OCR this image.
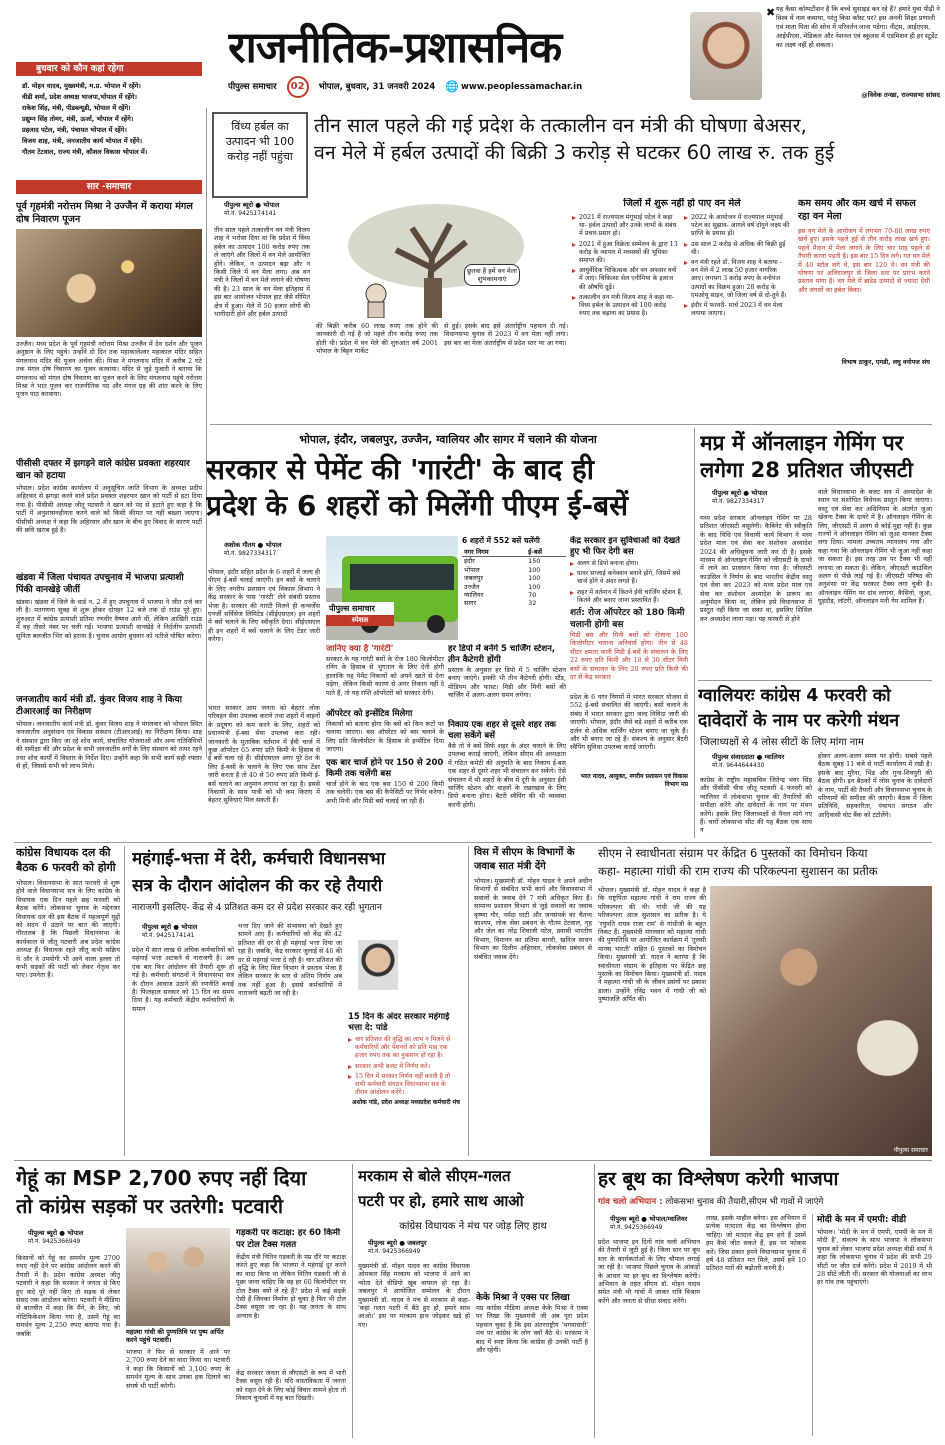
राजनीतिक-प्रशासनिक
पीपुल्स समाचार	02	भोपाल, बुधवार, 31 जनवरी 2024 🌐 www.peoplessamachar.in
✖ यह कैसा कॉम्पटीशन है कि बच्चे सुसाइड कर रहे हैं? हमारे युवा पीढ़ी ने विश्व में नाम कमाया, परंतु किस कॉस्ट पर? इस अननी शिक्षा प्रणाली एवं माता पिता की सोच में परिवर्तन लाना पड़ेगा। नीट्स, आईएएस, आईपीएस, मेडिकल और नेशनल एवं स्कूलस में एडमिशन ही हर स्टूडेंट का लक्ष्य नहीं हो सकता।
@विवेक तन्खा, राज्यसभा सांसद
बुधवार को कौन कहां रहेगा
डॉ. मोहन यादव, मुख्यमंत्री, म.प्र. भोपाल में रहेंगे।
वीडी शर्मा, प्रदेश अध्यक्ष भाजपा,भोपाल में रहेंगे।
राकेश सिंह, मंत्री, पीडब्ल्यूडी, भोपाल में रहेंगे।
प्रद्युम्न सिंह तोमर, मंत्री, ऊर्जा, भोपाल में रहेंगे।
प्रहलाद पटेल, मंत्री, पंचायत भोपाल में रहेंगे।
विजय शाह, मंत्री, जनजातीय कार्य भोपाल में रहेंगे।
गौतम टेटवाल, राज्य मंत्री, कौशल विकास भोपाल में।
सार -समाचार
पूर्व गृहमंत्री नरोत्तम मिश्रा ने उज्जैन में कराया मंगल दोष निवारण पूजन
उज्जैन। मध्य प्रदेश के पूर्व गृहमंत्री नरोत्तम मिश्रा उज्जैन में देव दर्शन और पूजन अनुष्ठान के लिए पहुंचे। उन्होंने दो दिन तक महाकालेश्वर महाकाल मंदिर सहित मंगलनाथ मंदिर की पूजन अर्चना की। मिश्रा ने मंगलनाथ मंदिर में करीब 2 घंटे तक मंगल दोष निवारण का पूजन करवाया। मंदिर से जुड़े पुजारी ने बताया कि मंगलनाथ को मंगल दोष निवारण का पूजन करने के लिए मंगलनाथ पहुंचे नरोत्तम मिश्रा ने भात पूजन कर राजनीतिक पद और मंगल ग्रह की शांत करने के लिए पूजन पाठ करवाया।
पीसीसी दफ्तर में झगड़ने वाले कांग्रेस प्रवक्ता शहरयार खान को हटाया
भोपाल। प्रदेश कांग्रेस कार्यालय में अनुसूचित जाति विभाग के अध्यक्ष प्रदीप अहिरवार से झगड़ा करने वाले प्रदेश प्रवक्ता शहरयार खान को पार्टी से हटा दिया गया है। पीसीसी अध्यक्ष जीतू पटवारी ने खान को पद से हटाते हुए कहा है कि पार्टी में अनुशासनहीनता करने वाले को किसी कीमत पर नहीं बख्शा जाएगा। पीसीसी अध्यक्ष ने कहा कि अहिरवार और खान के बीच हुए विवाद के कारण पार्टी की छवि खराब हुई है।
खंडवा में जिला पंचायत उपचुनाव में भाजपा प्रत्याशी पिंकी वानखेड़े जीतीं
खंडवा। खंडवा में जिले के वार्ड न. 2 में हुए उपचुनाव में भाजपा ने जीत दर्ज कर ली है। मतगणना सुबह से शुरू होकर दोपहर 12 बजे तक दो राउंड पूरे हुए। शुरुआत में कांग्रेस प्रत्याशी प्रतिमा रणधीर वैष्णव आगे थीं, लेकिन आखिरी राउंड में वह तीसरे नंबर पर चली गईं। भाजपा प्रत्याशी वानखेड़े ने निर्दलीय प्रत्याशी सुनिता बलजीत भिंग को हराया है। चुनाव आयोग बुधवार को नतीजे घोषित करेगा।
जनजातीय कार्य मंत्री डॉ. कुंवर विजय शाह ने किया टीआरआई का निरीक्षण
भोपाल। जनजातीय कार्य मंत्री डॉ. कुंवर विजय शाह ने मंगलवार को भोपाल स्थित जनजातीय अनुसंधान एवं विकास संस्थान (टीआरआई) का निरीक्षण किया। शाह ने संस्थान द्वारा किए जा रहे शोध कार्य, संचालित योजनाओं और अन्य गतिविधियों की समीक्षा की और प्रदेश के सभी जनजातीय वर्गों के लिए संस्थान को तत्पर रहने तथा शोध कार्यों में विस्तार के निर्देश दिए। उन्होंने कहा कि सभी कार्य सही रफ्तार से हों, जिससे सभी को लाभ मिले।
विंध्य हर्बल का उत्पादन भी 100 करोड़ नहीं पहुंचा
तीन साल पहले की गई प्रदेश के तत्कालीन वन मंत्री की घोषणा बेअसर,
वन मेले में हर्बल उत्पादों की बिक्री 3 करोड़ से घटकर 60 लाख रु. तक हुई
पीपुल्स ब्यूरो ● भोपाल
मो.नं. 9425174141
तीन साल पहले तत्कालीन वन मंत्री विजय शाह ने भरोसा दिया था कि प्रदेश में विंध्य हर्बल का उत्पादन 100 करोड़ रुपए तक ले जाएंगे और जिलों में वन मेले आयोजित होंगे। लेकिन, न उत्पादन बढ़ा और न किसी जिले में वन मेला लगा। अब वन मंत्री ने जिलों में वन मेले लगाने की घोषणा की है। 23 साल के वन मेला इतिहास में इस बार आयोजन भोपाल हाट जैसे सीमित क्षेत्र में हुआ। मेले में 50 हजार लोगों की भागीदारी होने और हर्बल उत्पादों
छुतवा है हमें वन मेला शुभकामनाएं
की बिक्री करीब 60 लाख रुपए तक होने की जानकारी दी गई है जो पहले तीन करोड़ रुपए तक होती थी। प्रदेश में वन मेले की शुरुआत वर्ष 2001 भोपाल के बिट्टन मार्केट
से हुई। इसके बाद इसे अंतर्राष्ट्रीय पहचान दी गई। विधानसभा चुनाव से 2023 में वन मेला नहीं लगा। इस बार का मेला अंतर्राष्ट्रीय से प्रदेश स्तर पर आ गया।
जिलों में शुरू नहीं हो पाए वन मेले
2021 में राज्यपाल मंगूभाई पटेल ने कहा था- हर्बल उत्पादों और उनके लाभों के संबंध में प्रचार-प्रसार हो।
2021 में हुआ विक्रेता सम्मेलन के द्वारा 13 करोड़ के व्यापार में मध्यस्थों की भूमिका समाप्त की।
आयुर्वेदिक चिकित्सक और वन अफसर वनों में जाएं। चिकित्सा सेल एनीमिया के इलाज की औषधि दूढ़ें।
तत्कालीन वन मंत्री विजय शाह ने कहा था- विंध्य हर्बल के उत्पादन को 100 करोड़ रुपए तक बढ़ाना का प्रयास है।
2022 के आयोजन में राज्यपाल मंगूभाई पटेल का सुझाव- आगले वर्ष दोगुने लक्ष्य की प्राप्ति के प्रयास हों।
उस साल 2 करोड़ से अधिक की बिक्री हुई थी।
वन मंत्री रहते डॉ. विजय शाह ने बताया - वन मेले में 2 लाख 50 हजार नागरिक आए। लगभग 3 करोड़ रुपए के वनोपज उत्पादों का विक्रय हुआ। 28 करोड़ के एमओयू साइन, जो जिला वर्ष से दो-तुने हैं।
इंदौर में फरवरी- मार्च 2023 में वन मेला लगाया जाएगा।
कम समय और कम खर्च में सफल रहा वन मेला
इस वन मेले के आयोजन में लगभग 70-80 लाख रुपए खर्च हुए। इसके पहले हुई से तीन करोड़ लाख खर्च हुए। पहले मैदान में मेला लगाने के लिए चार माह पहले से तैयारी करना पड़ती है। इस बार 15 दिन लगे। गत वन मेले में 40 स्टॉल लगे थे, इस बार 120 थे। वन मंत्री की घोषणा पर अलिराजपुर से जिला स्तर पर प्रारंभ करने प्रस्ताव मांगा है। वन मेले में ब्रांडेड उत्पादों से ज्यादा देसी और जंगलों का हर्बल बिका।
विभाष ठाकुर, एमडी, लघु वनोपज संघ
भोपाल, इंदौर, जबलपुर, उज्जैन, ग्वालियर और सागर में चलाने की योजना
सरकार से पेमेंट की 'गारंटी' के बाद ही
प्रदेश के 6 शहरों को मिलेंगी पीएम ई-बसें
अशोक गौतम ● भोपाल
मो.नं. 9827334317
पीपुल्स समाचार
स्पेशल
भोपाल, इंदौर सहित प्रदेश के 6 शहरों में जल्द ही पीएम ई-बसें चलाई जाएंगी। इन बसों के चलाने के लिए नगरीय प्रशासन एवं विकास विभाग ने केंद्र सरकार के पास 'गारंटी' लेने संबंधी प्रस्ताव भेजा है। सरकार की गारंटी मिलने ही कन्वर्जेंस एनर्जी सर्विसेज लिमिटेड (सीईएसएल) इन शहरों में बसें चलाने के लिए स्वीकृति देगा। सीईएसएल ही इन शहरों में बसें चलाने के लिए टेंडर जारी करेगा।
भारत सरकार आम जनता को बेहतर लोक परिवहन सेवा उपलब्ध कराने तथा शहरों में वाहनों के प्रदूषण को कम करने के लिए, शहरों को प्रधानमंत्री ई-बस सेवा उपलब्ध करा रही। जानकारी के मुताबिक वर्तमान में ईवी चार्ज में कुछ ऑपरेटर 65 रुपए प्रति किमी के हिसाब से ई बसें चला रहे हैं। सीईएसएल अगर पूरे देश के लिए ई-बसों के चलाने के लिए एक साथ टेंडर जारी करता है तो 40 से 50 रुपए प्रति किमी ई-बसें चलाने का अनुमान लगाया जा रहा है। इससे निकायों के साथ यात्री को भी कम किराए में बेहतर सुविधाएं मिल सकती हैं।
6 शहरों में 552 बसें चलेंगी
नगर निगम	ई-बसें
इंदौर	150
भोपाल	100
जबलपुर	100
उज्जैन	100
ग्वालियर	70
सागर	32
जानिए क्या है 'गारंटी'
सरकार के यह गारंटी बसों के रोज 180 किलोमीटर रनिंग के हिसाब से भुगतान के लिए देनी होगी हालांकि यह पेमेंट निकायों को अपने खाते से देना पड़ेगा, लेकिन किसी कारण से अगर निकाय नहीं दे पाते हैं, तो यह राशि ऑपरेटरों को सरकार देगी।
ऑपरेटर को इन्सेंटिव मिलेगा
निकायों को बताना होगा कि बसें को किन रूटों पर चलाया जाएगा। बस ऑपरेटर को बस चलाने के लिए प्रति किलोमीटर के हिसाब से इन्सेंटिव दिया जाएगा।
एक बार चार्ज होने पर 150 से 200 किमी तक चलेंगी बस
चार्ज होने के बाद एक बस 150 से 200 किमी तक चलेगी। एक बस की कैपेसिटी पर निर्भर करेगा। अभी मिनी और मिडी बसें चलाई जा रही हैं।
हर डिपो में बनेंगे 5 चार्जिंग स्टेशन, तीन कैटेगरी होंगी
प्रस्ताव के अनुसार हर डिपो में 5 चार्जिंग स्टेशन बनाए जाएंगे। इनकी भी तीन कैटेगरी होगी। स्टैंड, मीडियम और फास्ट। मिडी और मिनी बसों की चार्जिंग में अलग-अलग समय लगेगा।
निकाय एक शहर से दूसरे शहर तक चला सकेंगे बसें
वैसे तो ये बसें सिर्फ शहर के अंदर चलाने के लिए उपलब्ध कराई जाएंगी, लेकिन सीएम की अध्यक्षता में गठित कमेटी की अनुमति के बाद निकाय ई-बस एक शहर से दूसरे शहर भी संचालन कर सकेंगे। ऐसे संचालन में भी शहरों के बीच में दूरी के अनुसार ईवी चार्जिंग स्टेशन और वाहनों के रखरखाव के लिए डिपो बनाना होगा। बैटरी स्वैपिंग की भी व्यवस्था करनी होगी।
केंद्र सरकार इन सुविधाओं को देखते हुए भी फिर देगी बस
अलग से डिपो बनाना होगा।
पावर सप्लाई कनेक्शन बनाने होंगे, जिसमें बसें चार्ज होंगे वे अंदर लगते हैं।
शहर में वर्तमान में कितने ईवी चार्जिंग स्टेशन हैं, कितने और बनाए जाना प्रस्तावित हैं।
शर्त: रोज ऑपरेटर को 180 किमी चलानी होगी बस
मिडी बस और मिनी बसों को रोजाना 180 किलोमीटर चलाना अनिवार्य होगा। तीन से 48 सीटर क्षमता वाली मिडी ई-बसें के संचालन के लिए 22 रुपए प्रति किमी और 18 से 30 सीटर मिनी बसों के संचालन के लिए 20 रुपए प्रति किमी की दर से केंद्र सरकार
प्रदेश के 6 नगर निगमों में भारत सरकार योजना से 552 ई-बसें संचालित की जाएंगी। बसों चलाने के संबंध में भारत सरकार द्वारा जल्द निविदा जारी की जाएगी। भोपाल, इंदौर जैसे बड़े शहरों में करीब एक दर्जन से अधिक चार्जिंग स्टेशन बनाए जा चुके हैं। और भी बनाए जा रहे हैं। संकल्प के अनुसार बैटरी स्वैपिंग सुविधा उपलब्ध कराई जाएगी।
भरत यादव, आयुक्त, नगरीय प्रशासन एवं विकास विभाग मप्र
मप्र में ऑनलाइन गेमिंग पर
लगेगा 28 प्रतिशत जीएसटी
पीपुल्स ब्यूरो ● भोपाल
मो.नं. 9827334317
मध्य प्रदेश सरकार ऑनलाइन गेमिंग पर 28 प्रतिशत जीएसटी वसूलेगी। कैबिनेट की स्वीकृति के बाद विधि एवं विधायी कार्य विभाग ने मध्य प्रदेश माल एवं सेवा कर संशोधन अध्यादेश 2024 की अधिसूचना जारी कर दी है। इसके माध्यम से ऑनलाइन गेमिंग को जीएसटी के दायरे में लाने का प्रावधान किया गया है। जीएसटी काउंसिल ने निर्णय के बाद भारतीय केंद्रीय वस्तु एवं सेवा कर 2023 को मध्य प्रदेश माल एवं सेवा कर संशोधन अध्यादेश के प्रारूप का अनुमोदन किया था, लेकिन इसे विधानसभा में प्रस्तुत नहीं किया जा सका था, इसलिए शिथिल कर अध्यादेश लाना पड़ा। यह फरवरी से होने
वाले विधानसभा के बजट सत्र में अध्यादेश के स्थान पर संशोधित विधेयक प्रस्तुत किया जाएगा। वस्तु एवं सेवा कर अधिनियम के अंतर्गत जुआ खेलना टैक्स के दायरे में है। ऑनलाइन गेमिंग के लिए, जीएसटी में अलग से कोई मुद्दा नहीं है। कुछ राज्यों ने ऑनलाइन गेमिंग को जुआ मानकर टैक्स लगा दिया। मामला उच्चतम न्यायालय गया और कहा गया कि ऑनलाइन गेमिंग भी जुआ नहीं कहा जा सकता है। इस तरह उस पर टैक्स भी नहीं लगाया जा सकता है। लेकिन, जीएसटी काउंसिल अलग से पीछे लाई गई है। जीएसटी परिषद की अनुशंसा पर केंद्र सरकार टैक्स लगा चुकी है। ऑनलाइन गेमिंग पर दांव लगाना, कैसिनो, जुआ, घुड़दौड़, लॉटरी, ऑनलाइन मनी गेम शामिल हैं।
ग्वालियरः कांग्रेस 4 फरवरी को
दावेदारों के नाम पर करेगी मंथन
जिलाध्यक्षों से 4 लोस सीटों के लिए मांगा नाम
पीपुल्स संवाददाता ● ग्वालियर
मो.नं. 9644644430
कांग्रेस के राष्ट्रीय महासचिव जितेन्द्र भंवर सिंह और पीसीसी चीफ जीतू पटवारी 4 फरवरी को ग्वालियर में लोकसभा चुनाव की तैयारियों की समीक्षा करेंगे और दावेदारों के नाम पर मंथन करेंगे। इसके लिए जिलाध्यक्षों से पैनल मांगे गए हैं। चारों लोकसभा सीट की यह बैठक एक साथ न
होकर अलग-अलग समय पर होगी। सबसे पहले बैठक सुबह 11 बजे से पार्टी कार्यालय में रखी है। इसके बाद मुरैना, भिंड और गुना-शिवपुरी की बैठक होगी। इन बैठकों में लोस चुनाव के दावेदारों के नाम, पार्टी की तैयारी और विधानसभा चुनाव के परिणामों की समीक्षा की जाएगी। बैठक में जिला प्रतिनिधि, सहकारिता, पंचायत संगठन और आदिवासी वोट बैंक को टटोलेंगे।
कांग्रेस विधायक दल की बैठक 6 फरवरी को होगी
भोपाल। विधानसभा के सात फरवरी से शुरू होने वाले विधानसभा सत्र के लिए कांग्रेस के विधायक एक दिन पहले छह फरवरी को बैठक करेंगे। लोकसभा चुनाव के मद्देनजर विधायक दल की इस बैठक में महत्वपूर्ण मुद्दों को सदन में उठाने पर बात की जाएगी। गौरतलब है कि पिछली विधानसभा के कार्यकाल से जीतू पटवारी अब प्रदेश कांग्रेस अध्यक्ष हैं। विधायक रहते जीतू कभी सक्रिय थे और वे उपयोगी भी आने वाला हल्ला तो कभी सड़कों की पार्टी को लेकर नेतृत्व कर पाए। उपनेता हैं।
महंगाई-भत्ता में देरी, कर्मचारी विधानसभा
सत्र के दौरान आंदोलन की कर रहे तैयारी
नाराजगी इसलिए- केंद्र से 4 प्रतिशत कम दर से प्रदेश सरकार कर रही भुगतान
पीपुल्स ब्यूरो ● भोपाल
मो.नं. 9425174141
प्रदेश में सात लाख से अधिक कर्मचारियों को महंगाई भत्ता अटकने से नाराजगी है। अब एक बार फिर आंदोलन की तैयारी शुरू हो गई है। कर्मचारी संगठनों ने विधानसभा सत्र के दौरान आवाज उठाने की रणनीति बनाई है। फिलहाल सरकार को 15 दिन का समय दिया है। यह कर्मचारी केंद्रीय कर्मचारियों के समान
भत्ता दिए जाने की संभावना को देखते हुए सामने आए हैं। कर्मचारियों को केंद्र की 42 प्रतिशत की दर से ही महंगाई भत्ता दिया जा रहा है। जबकि, केंद्र सरकार जुलाई से 46 की दर से महंगाई भत्ता दे रही है। चार प्रतिशत की वृद्धि के लिए वित्त विभाग ने प्रस्ताव भेजा है लेकिन सरकार के स्तर से अंतिम निर्णय अब तक नहीं हुआ है। इससे कर्मचारियों में नाराजगी बढ़ती जा रही है।
15 दिन के अंदर सरकार महंगाई भत्ता दे: पांडे
चार प्रतिशत की वृद्धि का लाभ न मिलने से कर्मचारियों और पेंशनरों को प्रति माह एक हजार रुपए तक का नुकसान हो रहा है।
सरकार अभी बजट में निर्णय करे।
15 दिन में सरकार निर्णय नहीं करती है तो सभी कर्मचारी संगठन विधानसभा सत्र के दौरान आंदोलन करेंगे।
अशोक पांडे, प्रदेश अध्यक्ष मध्यप्रदेश कर्मचारी मंच
विस में सीएम के विभागों के जवाब सात मंत्री देंगे
भोपाल। मुख्यमंत्री डॉ. मोहन यादव ने अपने अधीन विभागों से संबंधित सभी कार्य और विधानसभा में सवालों के जवाब देने 7 मंत्री अधिकृत किए हैं। सामान्य प्रशासन विभाग से जुड़े सवालों का जवाब कृष्णा गौर, नर्मदा घाटी और जनसंपर्क का चैतन्य काश्यप, लोक सेवा प्रबंधन के गौतम टेटवाल, गृह और जेल का नरेंद्र शिवाजी पटेल, प्रवासी भारतीय विभाग, विमानन का प्रतिमा बागरी, खनिज साधन विभाग का दिलीप अहिरवार, लोकसेवा प्रबंधन से संबंधित जवाब देंगे।
सीएम ने स्वाधीनता संग्राम पर केंद्रित 6 पुस्तकों का विमोचन किया
कहा- महात्मा गांधी की राम राज्य की परिकल्पना सुशासन का प्रतीक
भोपाल। मुख्यमंत्री डॉ. मोहन यादव ने कहा है कि राष्ट्रपिता महात्मा गांधी ने राम राज्य की परिकल्पना की थी। गांधी जी की यह परिकल्पना आज सुशासन का प्रतीक है। ये 'रघुपति राघव राजा राम' से गांधीजी के बहुत निकट हैं। मुख्यमंत्री मंगलवार को महात्मा गांधी की पुण्यतिथि पर आयोजित कार्यक्रम में 'तुलसी मानस भारती' सहित 6 पुस्तकों का विमोचन किया। मुख्यमंत्री डॉ. यादव ने बताया है कि स्वाधीनता संग्राम के इतिहास पर केंद्रित छह पुस्तकें का विमोचन किया। मुख्यमंत्री डॉ. यादव ने महात्मा गांधी जी के जीवन प्रसंगों पर प्रकाश डाला। उन्होंने रविंद्र भवन में गांधी जी को पुष्पांजलि अर्पित की।
पीपुल्स समाचार
गेहूं का MSP 2,700 रुपए नहीं दिया
तो कांग्रेस सड़कों पर उतरेगी: पटवारी
पीपुल्स ब्यूरो ● भोपाल
मो.नं. 9425366949
किसानों को गेहूं का समर्थन मूल्य 2700 रुपए नहीं देने पर कांग्रेस आंदोलन करने की तैयारी में है। प्रदेश कांग्रेस अध्यक्ष जीतू पटवारी ने कहा कि सरकार ने जनता से किए हुए वादे पूरे नहीं किए तो सड़क से लेकर संसद तक आंदोलन करेगा। पटवारी ने मीडिया से बातचीत में कहा कि मैंने, के लिए, जो नोटिफिकेशन किया गया है, उसमें गेहूं का समर्थन मूल्य 2,250 रुपए बताया गया है। जबकि	महात्मा गांधी की पुण्यतिथि पर पुष्प अर्पित करने पहुंचे पटवारी।
भाजपा ने फिर से सरकार में आने पर 2,700 रुपए देने का वादा किया था। पटवारी ने कहा कि किसानों को 3,100 रुपए के समर्थन मूल्य के साथ उनका हक दिलाने का संघर्ष भी पार्टी करेगी।
गड़करी पर कटाक्ष: हर 60 किमी पर टोल टैक्स गलत
केंद्रीय मंत्री नितिन गडकरी के मप्र दौरे पर कटाक्ष करते हुए कहा कि भाजपा ने महंगाई दूर करने का वादा किया था लेकिन नितिन गडकरी जी से पूछा जाना चाहिए कि वह हर 60 किलोमीटर पर टोल टैक्स क्यों ले रहे हैं? प्रदेश में कई सड़कें ऐसी हैं जिनका निर्माण हो चुका है फिर भी टोल टैक्स वसूला जा रहा है। यह जनता के साथ अन्याय है।
केंद्र सरकार जनता से जीएसटी के रूप में भारी टैक्स वसूल रही है। यदि वास्तविकता में जनता को राहत देने के लिए कोई विचार सामने होता तो निकाय चुनावों में यह बात दिखती।
मरकाम से बोले सीएम-गलत
पटरी पर हो, हमारे साथ आओ
कांग्रेस विधायक ने मंच पर जोड़ लिए हाथ
पीपुल्स ब्यूरो ● जबलपुर
मो.नं. 9425366949
मुख्यमंत्री डॉ. मोहन यादव का कांग्रेस विधायक ओमकार सिंह मरकाम को भाजपा में आने का न्योता देते वीडियो खूब वायरल हो रहा है। जबलपुर में आयोजित सम्मेलन के दौरान मुख्यमंत्री डॉ. यादव ने मंच से मरकाम से कहा- 'कहां गलत पटरी में बैठे हुए हो, हमारे साथ आओ।' इस पर मरकाम हाथ जोड़कर खड़े हो गए।
केके मिश्रा ने एक्स पर लिखा
मप्र कांग्रेस मीडिया अध्यक्ष केके मिश्रा ने एक्स पर लिखा कि मुख्यमंत्री जी अब पूरा प्रदेश पहचान चुका है कि इस अंतरराष्ट्रीय 'भगवाधारी' मंच पर कांग्रेस के लोग क्यों बैठे थे। मरकाम ने बाद में स्पष्ट किया कि कांग्रेस ही उनकी पार्टी है और रहेगी।
हर बूथ का विश्लेषण करेगी भाजपा
गांव चलो अभियान : लोकसभा चुनाव की तैयारी,सीएम भी गावों में जाएंगे
पीपुल्स ब्यूरो ● भोपाल/ग्वालियर
मो.नं. 9425366949
प्रदेश भाजपा इन दिनों गांव चलो अभियान की तैयारी में जुटी हुई है। जिला स्तर पर बूथ स्तर के कार्यकर्ताओं के लिए चौपाल लगाई जा रही है। भाजपा पिछले चुनाव के आंकड़ों के आधार पर हर बूथ का विश्लेषण करेगी। अभियान के तहत सीएम डॉ. मोहन यादव समेत मंत्री भी गांवों में जाकर रात्रि विश्राम करेंगे और जनता से सीधा संवाद करेंगे।
लाख, इसके माहौल बनेगा। इस अभियान में प्रत्येक मतदाता केंद्र का विश्लेषण होना चाहिए। जो मतदान केंद्र हम हारे हैं उसमें हम कैसे जीत सकते हैं, इस पर फोकस करें। जिस प्रकार हमने विधानसभा चुनाव में हर्ष 48 प्रतिशत मत मिले, उसमें हमें 10 प्रतिशत मतों की बढ़ोतरी करनी है।
मोदी के मन में एमपी: वीडी
भोपाल। 'मोदी के मन में एमपी, एमपी के मन में मोदी है', संकल्प के साथ भाजपा ने लोकसभा चुनाव को लेकर भाजपा प्रदेश अध्यक्ष वीडी शर्मा ने कहा कि लोकसभा चुनाव में प्रदेश की सभी 29 सीटों पर जीत दर्ज करेंगे। प्रदेश में 2019 में भी 28 सीटें जीती थीं। सरकार की योजनाओं का लाभ हर गांव तक पहुंचाएंगे।
